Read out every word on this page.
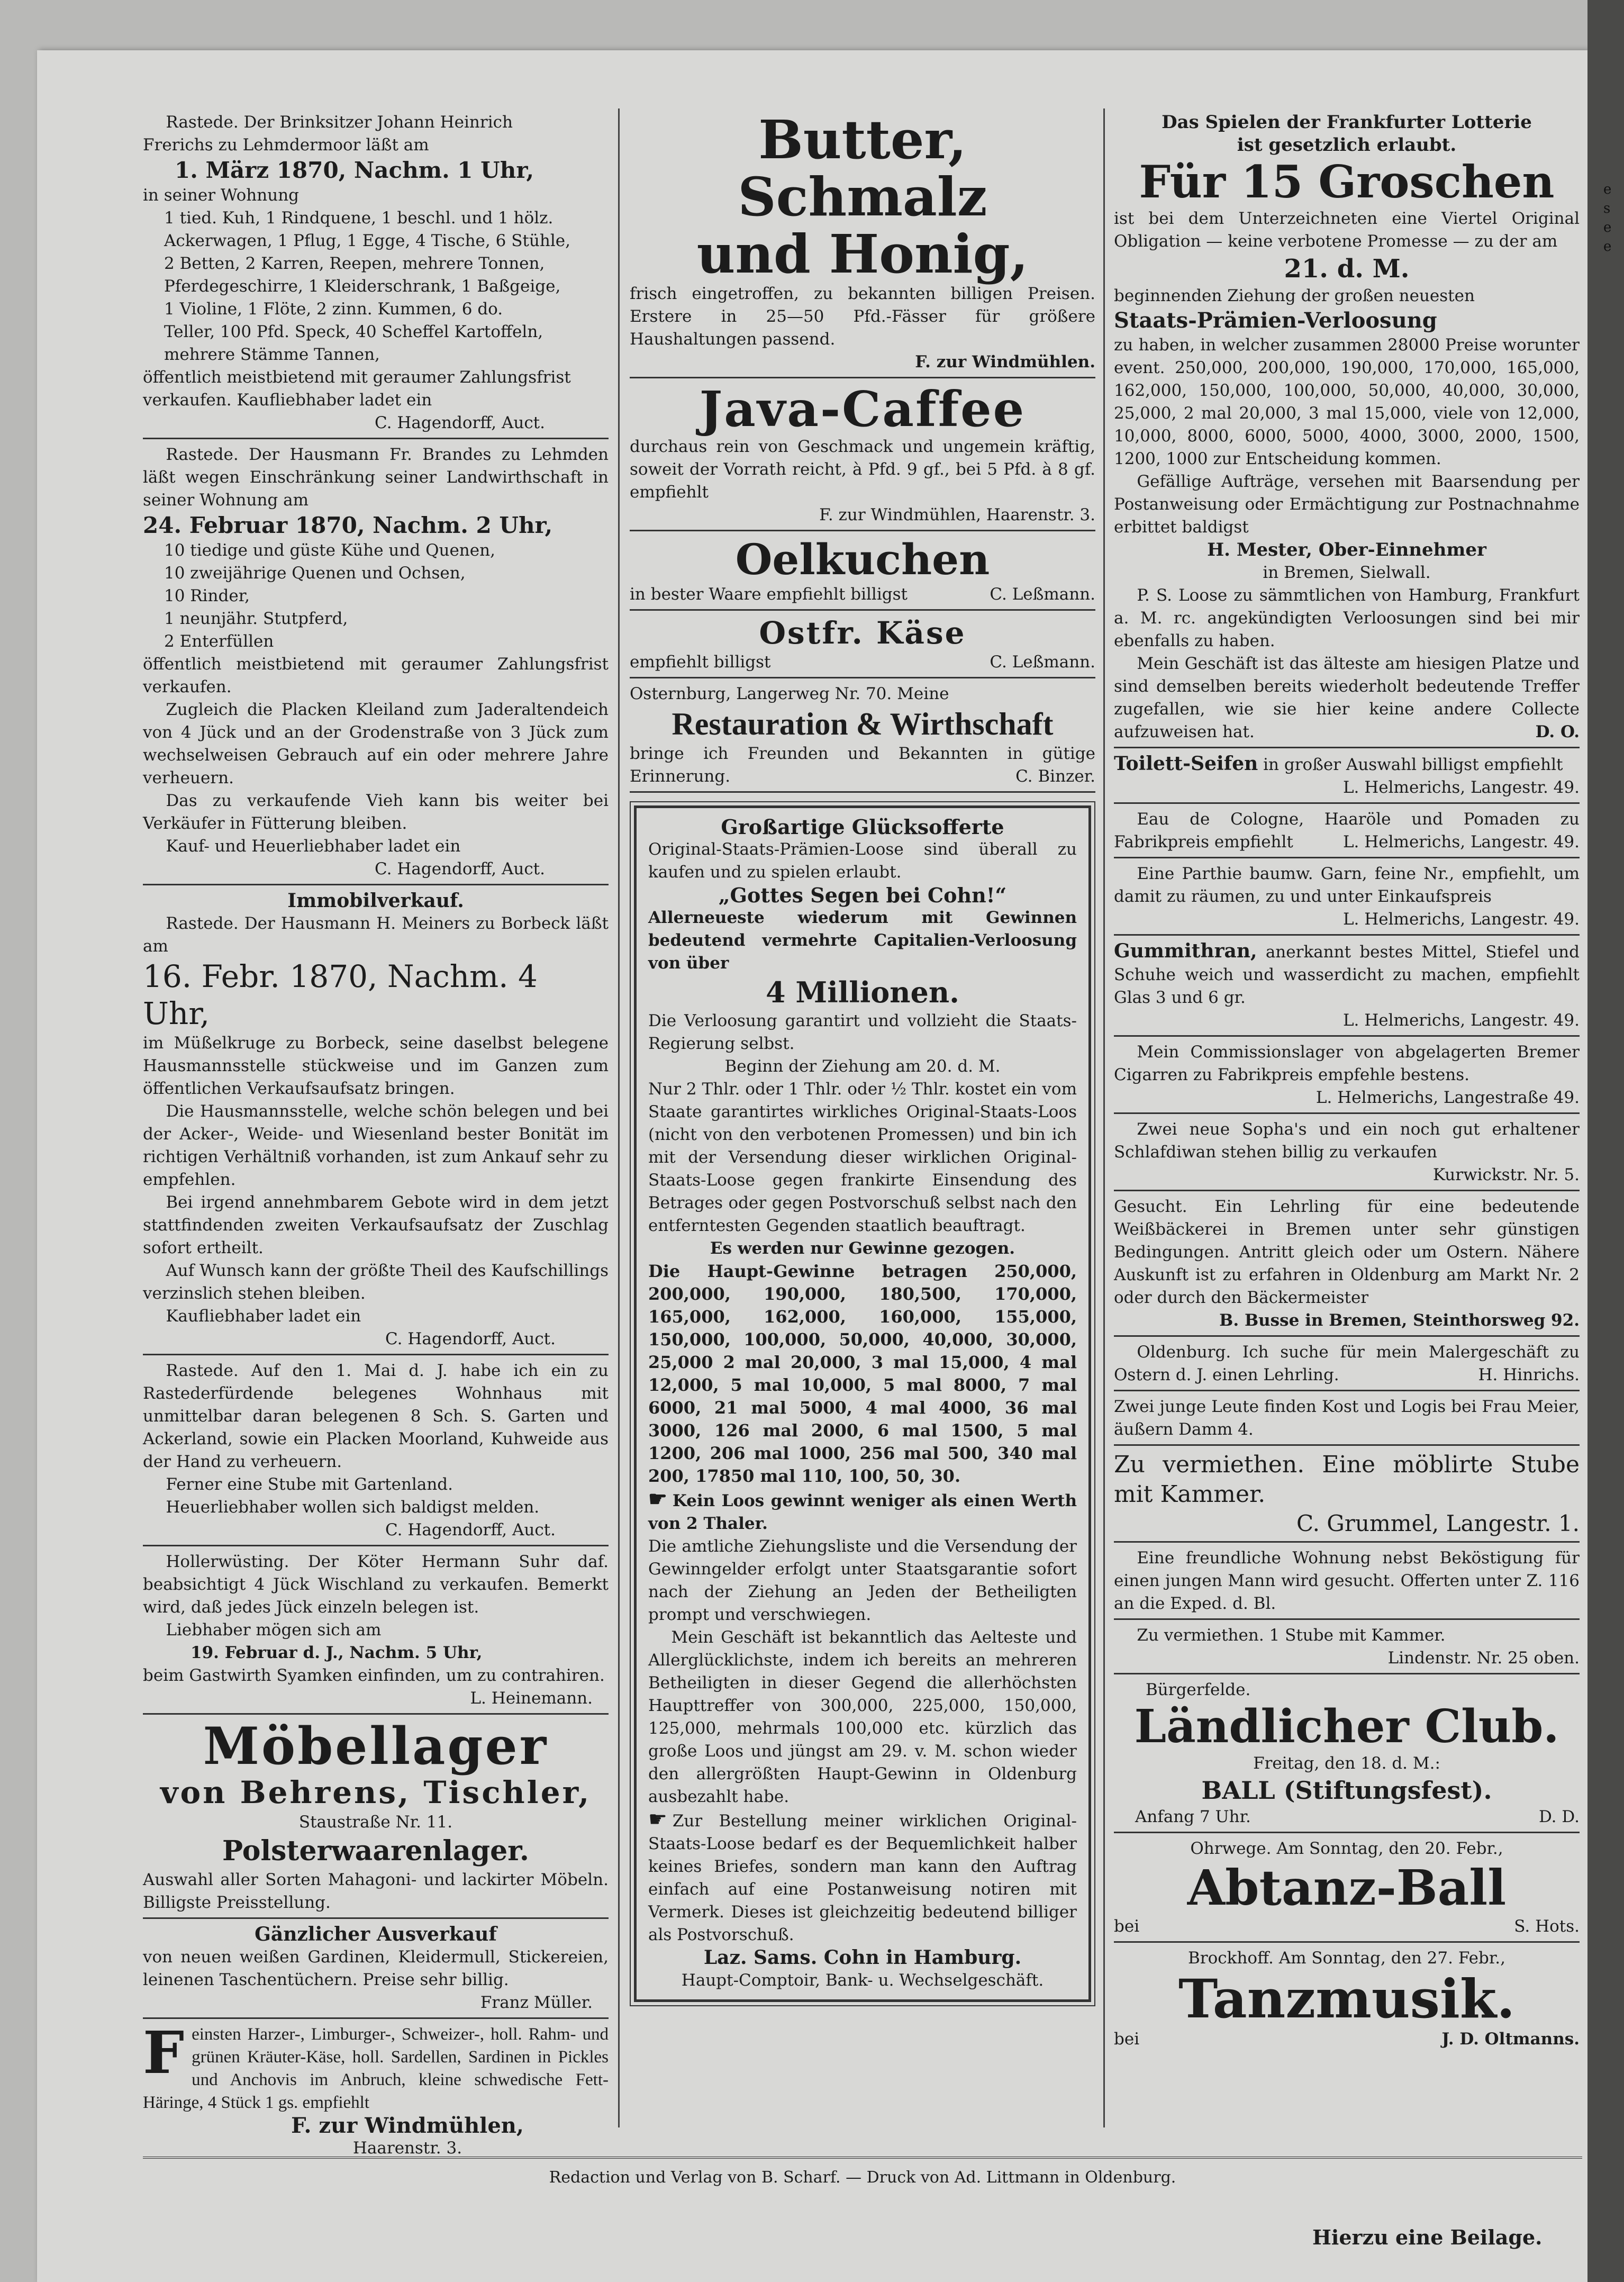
e
s
e
e
Rastede. Der Brinksitzer Johann Heinrich
Frerichs zu Lehmdermoor läßt am
1. März 1870, Nachm. 1 Uhr,
in seiner Wohnung
1 tied. Kuh, 1 Rindquene, 1 beschl. und 1 hölz.
Ackerwagen, 1 Pflug, 1 Egge, 4 Tische, 6 Stühle,
2 Betten, 2 Karren, Reepen, mehrere Tonnen,
Pferdegeschirre, 1 Kleiderschrank, 1 Baßgeige,
1 Violine, 1 Flöte, 2 zinn. Kummen, 6 do.
Teller, 100 Pfd. Speck, 40 Scheffel Kartoffeln,
mehrere Stämme Tannen,
öffentlich meistbietend mit geraumer Zahlungsfrist
verkaufen. Kaufliebhaber ladet ein
C. Hagendorff, Auct.
Rastede. Der Hausmann Fr. Brandes zu Lehmden läßt wegen Einschränkung seiner Landwirthschaft in seiner Wohnung am
24. Februar 1870, Nachm. 2 Uhr,
10 tiedige und güste Kühe und Quenen,
10 zweijährige Quenen und Ochsen,
10 Rinder,
1 neunjähr. Stutpferd,
2 Enterfüllen
öffentlich meistbietend mit geraumer Zahlungsfrist verkaufen.
Zugleich die Placken Kleiland zum Jaderaltendeich von 4 Jück und an der Grodenstraße von 3 Jück zum wechselweisen Gebrauch auf ein oder mehrere Jahre verheuern.
Das zu verkaufende Vieh kann bis weiter bei Verkäufer in Fütterung bleiben.
Kauf- und Heuerliebhaber ladet ein
C. Hagendorff, Auct.
Immobilverkauf.
Rastede. Der Hausmann H. Meiners zu Borbeck läßt am
16. Febr. 1870, Nachm. 4 Uhr,
im Müßelkruge zu Borbeck, seine daselbst belegene Hausmannsstelle stückweise und im Ganzen zum öffentlichen Verkaufsaufsatz bringen.
Die Hausmannsstelle, welche schön belegen und bei der Acker-, Weide- und Wiesenland bester Bonität im richtigen Verhältniß vorhanden, ist zum Ankauf sehr zu empfehlen.
Bei irgend annehmbarem Gebote wird in dem jetzt stattfindenden zweiten Verkaufsaufsatz der Zuschlag sofort ertheilt.
Auf Wunsch kann der größte Theil des Kaufschillings verzinslich stehen bleiben.
Kaufliebhaber ladet ein
C. Hagendorff, Auct.
Rastede. Auf den 1. Mai d. J. habe ich ein zu Rastederfürdende belegenes Wohnhaus mit unmittelbar daran belegenen 8 Sch. S. Garten und Ackerland, sowie ein Placken Moorland, Kuhweide aus der Hand zu verheuern.
Ferner eine Stube mit Gartenland.
Heuerliebhaber wollen sich baldigst melden.
C. Hagendorff, Auct.
Hollerwüsting. Der Köter Hermann Suhr daf. beabsichtigt 4 Jück Wischland zu verkaufen. Bemerkt wird, daß jedes Jück einzeln belegen ist.
Liebhaber mögen sich am
19. Februar d. J., Nachm. 5 Uhr,
beim Gastwirth Syamken einfinden, um zu contrahiren.
L. Heinemann.
Möbellager
von Behrens, Tischler,
Staustraße Nr. 11.
Polsterwaarenlager.
Auswahl aller Sorten Mahagoni- und lackirter Möbeln. Billigste Preisstellung.
Gänzlicher Ausverkauf
von neuen weißen Gardinen, Kleidermull, Stickereien, leinenen Taschentüchern. Preise sehr billig.
Franz Müller.
F einsten Harzer-, Limburger-, Schweizer-, holl. Rahm- und grünen Kräuter-Käse, holl. Sardellen, Sardinen in Pickles und Anchovis im Anbruch, kleine schwedische Fett-Häringe, 4 Stück 1 gs. empfiehlt
F. zur Windmühlen,
Haarenstr. 3.
Butter, Schmalz
und Honig,
frisch eingetroffen, zu bekannten billigen Preisen. Erstere in 25—50 Pfd.-Fässer für größere Haushaltungen passend.
F. zur Windmühlen.
Java-Caffee
durchaus rein von Geschmack und ungemein kräftig, soweit der Vorrath reicht, à Pfd. 9 gf., bei 5 Pfd. à 8 gf. empfiehlt
F. zur Windmühlen, Haarenstr. 3.
Oelkuchen
in bester Waare empfiehlt billigst	C. Leßmann.
Ostfr. Käse
empfiehlt billigst	C. Leßmann.
Osternburg, Langerweg Nr. 70. Meine
Restauration & Wirthschaft
bringe ich Freunden und Bekannten in gütige Erinnerung.	C. Binzer.
Großartige Glücksofferte
Original-Staats-Prämien-Loose sind überall zu kaufen und zu spielen erlaubt.
„Gottes Segen bei Cohn!“
Allerneueste wiederum mit Gewinnen bedeutend vermehrte Capitalien-Verloosung von über
4 Millionen.
Die Verloosung garantirt und vollzieht die Staats-Regierung selbst.
Beginn der Ziehung am 20. d. M.
Nur 2 Thlr. oder 1 Thlr. oder ½ Thlr. kostet ein vom Staate garantirtes wirkliches Original-Staats-Loos (nicht von den verbotenen Promessen) und bin ich mit der Versendung dieser wirklichen Original-Staats-Loose gegen frankirte Einsendung des Betrages oder gegen Postvorschuß selbst nach den entferntesten Gegenden staatlich beauftragt.
Es werden nur Gewinne gezogen.
Die Haupt-Gewinne betragen 250,000, 200,000, 190,000, 180,500, 170,000, 165,000, 162,000, 160,000, 155,000, 150,000, 100,000, 50,000, 40,000, 30,000, 25,000 2 mal 20,000, 3 mal 15,000, 4 mal 12,000, 5 mal 10,000, 5 mal 8000, 7 mal 6000, 21 mal 5000, 4 mal 4000, 36 mal 3000, 126 mal 2000, 6 mal 1500, 5 mal 1200, 206 mal 1000, 256 mal 500, 340 mal 200, 17850 mal 110, 100, 50, 30.
☛ Kein Loos gewinnt weniger als einen Werth von 2 Thaler.
Die amtliche Ziehungsliste und die Versendung der Gewinngelder erfolgt unter Staatsgarantie sofort nach der Ziehung an Jeden der Betheiligten prompt und verschwiegen.
Mein Geschäft ist bekanntlich das Aelteste und Allerglücklichste, indem ich bereits an mehreren Betheiligten in dieser Gegend die allerhöchsten Haupttreffer von 300,000, 225,000, 150,000, 125,000, mehrmals 100,000 etc. kürzlich das große Loos und jüngst am 29. v. M. schon wieder den allergrößten Haupt-Gewinn in Oldenburg ausbezahlt habe.
☛ Zur Bestellung meiner wirklichen Original-Staats-Loose bedarf es der Bequemlichkeit halber keines Briefes, sondern man kann den Auftrag einfach auf eine Postanweisung notiren mit Vermerk. Dieses ist gleichzeitig bedeutend billiger als Postvorschuß.
Laz. Sams. Cohn in Hamburg.
Haupt-Comptoir, Bank- u. Wechselgeschäft.
Das Spielen der Frankfurter Lotterie
ist gesetzlich erlaubt.
Für 15 Groschen
ist bei dem Unterzeichneten eine Viertel Original Obligation — keine verbotene Promesse — zu der am
21. d. M.
beginnenden Ziehung der großen neuesten
Staats-Prämien-Verloosung
zu haben, in welcher zusammen 28000 Preise worunter event. 250,000, 200,000, 190,000, 170,000, 165,000, 162,000, 150,000, 100,000, 50,000, 40,000, 30,000, 25,000, 2 mal 20,000, 3 mal 15,000, viele von 12,000, 10,000, 8000, 6000, 5000, 4000, 3000, 2000, 1500, 1200, 1000 zur Entscheidung kommen.
Gefällige Aufträge, versehen mit Baarsendung per Postanweisung oder Ermächtigung zur Postnachnahme erbittet baldigst
H. Mester, Ober-Einnehmer
in Bremen, Sielwall.
P. S. Loose zu sämmtlichen von Hamburg, Frankfurt a. M. rc. angekündigten Verloosungen sind bei mir ebenfalls zu haben.
Mein Geschäft ist das älteste am hiesigen Platze und sind demselben bereits wiederholt bedeutende Treffer zugefallen, wie sie hier keine andere Collecte aufzuweisen hat.	D. O.
Toilett-Seifen in großer Auswahl billigst empfiehlt
L. Helmerichs, Langestr. 49.
Eau de Cologne, Haaröle und Pomaden zu Fabrikpreis empfiehlt	L. Helmerichs, Langestr. 49.
Eine Parthie baumw. Garn, feine Nr., empfiehlt, um damit zu räumen, zu und unter Einkaufspreis
L. Helmerichs, Langestr. 49.
Gummithran, anerkannt bestes Mittel, Stiefel und Schuhe weich und wasserdicht zu machen, empfiehlt Glas 3 und 6 gr.
L. Helmerichs, Langestr. 49.
Mein Commissionslager von abgelagerten Bremer Cigarren zu Fabrikpreis empfehle bestens.
L. Helmerichs, Langestraße 49.
Zwei neue Sopha's und ein noch gut erhaltener Schlafdiwan stehen billig zu verkaufen
Kurwickstr. Nr. 5.
Gesucht. Ein Lehrling für eine bedeutende Weißbäckerei in Bremen unter sehr günstigen Bedingungen. Antritt gleich oder um Ostern. Nähere Auskunft ist zu erfahren in Oldenburg am Markt Nr. 2 oder durch den Bäckermeister
B. Busse in Bremen, Steinthorsweg 92.
Oldenburg. Ich suche für mein Malergeschäft zu Ostern d. J. einen Lehrling.	H. Hinrichs.
Zwei junge Leute finden Kost und Logis bei Frau Meier, äußern Damm 4.
Zu vermiethen. Eine möblirte Stube mit Kammer.
C. Grummel, Langestr. 1.
Eine freundliche Wohnung nebst Beköstigung für einen jungen Mann wird gesucht. Offerten unter Z. 116 an die Exped. d. Bl.
Zu vermiethen. 1 Stube mit Kammer.
Lindenstr. Nr. 25 oben.
Bürgerfelde.
Ländlicher Club.
Freitag, den 18. d. M.:
BALL (Stiftungsfest).
Anfang 7 Uhr.	D. D.
Ohrwege. Am Sonntag, den 20. Febr.,
Abtanz-Ball
bei	S. Hots.
Brockhoff. Am Sonntag, den 27. Febr.,
Tanzmusik.
bei	J. D. Oltmanns.
Redaction und Verlag von B. Scharf. — Druck von Ad. Littmann in Oldenburg.
Hierzu eine Beilage.
